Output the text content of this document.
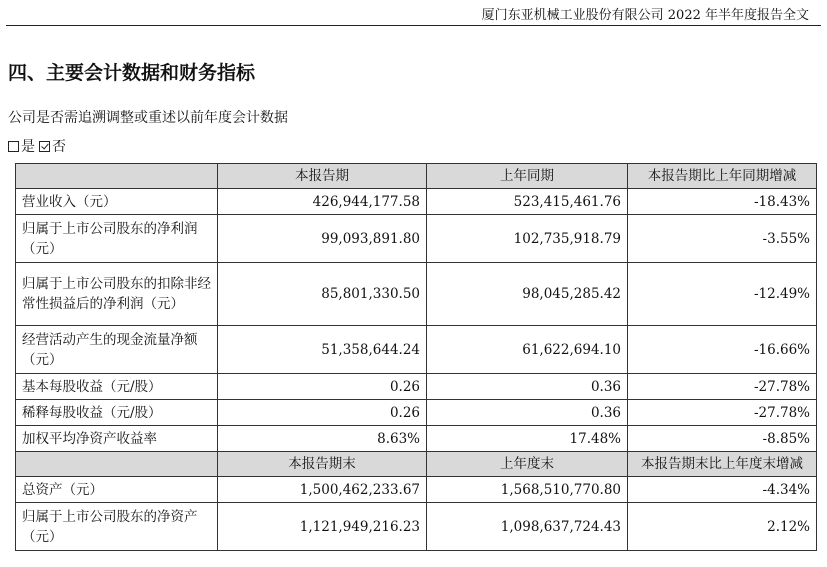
厦门东亚机械工业股份有限公司 2022 年半年度报告全文
四、主要会计数据和财务指标
公司是否需追溯调整或重述以前年度会计数据
是 否
	本报告期	上年同期	本报告期比上年同期增减
营业收入（元）	426,944,177.58	523,415,461.76	-18.43%
归属于上市公司股东的净利润（元）	99,093,891.80	102,735,918.79	-3.55%
归属于上市公司股东的扣除非经常性损益后的净利润（元）	85,801,330.50	98,045,285.42	-12.49%
经营活动产生的现金流量净额（元）	51,358,644.24	61,622,694.10	-16.66%
基本每股收益（元/股）	0.26	0.36	-27.78%
稀释每股收益（元/股）	0.26	0.36	-27.78%
加权平均净资产收益率	8.63%	17.48%	-8.85%
	本报告期末	上年度末	本报告期末比上年度末增减
总资产（元）	1,500,462,233.67	1,568,510,770.80	-4.34%
归属于上市公司股东的净资产（元）	1,121,949,216.23	1,098,637,724.43	2.12%
